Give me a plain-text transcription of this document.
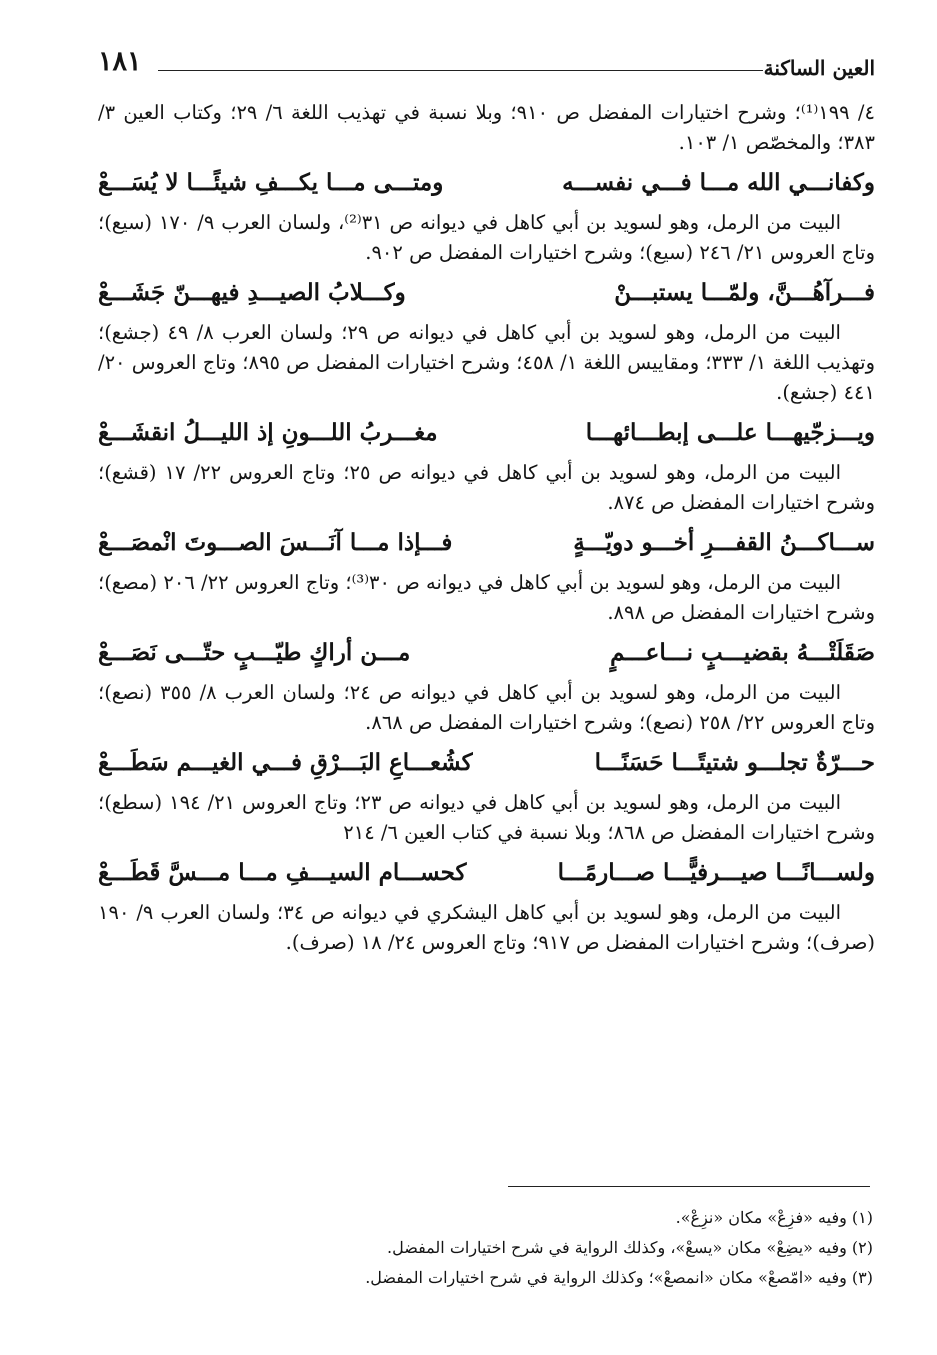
العين الساكنة
١٨١

٤/ ١٩٩⁽¹⁾؛ وشرح اختيارات المفضل ص ٩١٠؛ وبلا نسبة في تهذيب اللغة ٦/ ٢٩؛ وكتاب العين ٣/ ٣٨٣؛ والمخصّص ١/ ١٠٣.

وكفانـــي الله مـــا فـــي نفســـه
ومتـــى مـــا يكـــفِ شيئًـــا لا يُسَـــعْ

البيت من الرمل، وهو لسويد بن أبي كاهل في ديوانه ص ٣١⁽²⁾، ولسان العرب ٩/ ١٧٠ (سيع)؛ وتاج العروس ٢١/ ٢٤٦ (سيع)؛ وشرح اختيارات المفضل ص ٩٠٢.

فـــرآهُـــنَّ، ولمّـــا يستبـــنْ
وكـــلابُ الصيـــدِ فيهـــنّ جَشَـــعْ

البيت من الرمل، وهو لسويد بن أبي كاهل في ديوانه ص ٢٩؛ ولسان العرب ٨/ ٤٩ (جشع)؛ وتهذيب اللغة ١/ ٣٣٣؛ ومقاييس اللغة ١/ ٤٥٨؛ وشرح اختيارات المفضل ص ٨٩٥؛ وتاج العروس ٢٠/ ٤٤١ (جشع).

ويـــزجّيهـــا علـــى إبطـــائهـــا
مغـــربُ اللـــونِ إذ الليـــلُ انقشَـــعْ

البيت من الرمل، وهو لسويد بن أبي كاهل في ديوانه ص ٢٥؛ وتاج العروس ٢٢/ ١٧ (قشع)؛ وشرح اختيارات المفضل ص ٨٧٤.

ســـاكـــنُ القفـــرِ أخـــو دويّـــةٍ
فـــإذا مـــا آنَـــسَ الصـــوتَ انْمصَـــعْ

البيت من الرمل، وهو لسويد بن أبي كاهل في ديوانه ص ٣٠⁽³⁾؛ وتاج العروس ٢٢/ ٢٠٦ (مصع)؛ وشرح اختيارات المفضل ص ٨٩٨.

صَقَلَتْـــهُ بقضيـــبٍ نـــاعـــمٍ
مـــن أراكٍ طيّـــبٍ حتّـــى نَصَـــعْ

البيت من الرمل، وهو لسويد بن أبي كاهل في ديوانه ص ٢٤؛ ولسان العرب ٨/ ٣٥٥ (نصع)؛ وتاج العروس ٢٢/ ٢٥٨ (نصع)؛ وشرح اختيارات المفضل ص ٨٦٨.

حـــرّةٌ تجلـــو شتيتًـــا حَسَنًـــا
كشُعـــاعِ البَـــرْقِ فـــي الغيـــم سَطَـــعْ

البيت من الرمل، وهو لسويد بن أبي كاهل في ديوانه ص ٢٣؛ وتاج العروس ٢١/ ١٩٤ (سطع)؛ وشرح اختيارات المفضل ص ٨٦٨؛ وبلا نسبة في كتاب العين ٦/ ٢١٤

ولســـانًـــا صيـــرفيًّـــا صـــارمًـــا
كحســـام السيـــفِ مـــا مـــسَّ قَطَـــعْ

البيت من الرمل، وهو لسويد بن أبي كاهل اليشكري في ديوانه ص ٣٤؛ ولسان العرب ٩/ ١٩٠ (صرف)؛ وشرح اختيارات المفضل ص ٩١٧؛ وتاج العروس ٢٤/ ١٨ (صرف).

(١) وفيه «فزِعْ» مكان «نزِعْ».

(٢) وفيه «يضِعْ» مكان «يسعْ»، وكذلك الرواية في شرح اختيارات المفضل.

(٣) وفيه «امّصعْ» مكان «انمصعْ»؛ وكذلك الرواية في شرح اختيارات المفضل.
